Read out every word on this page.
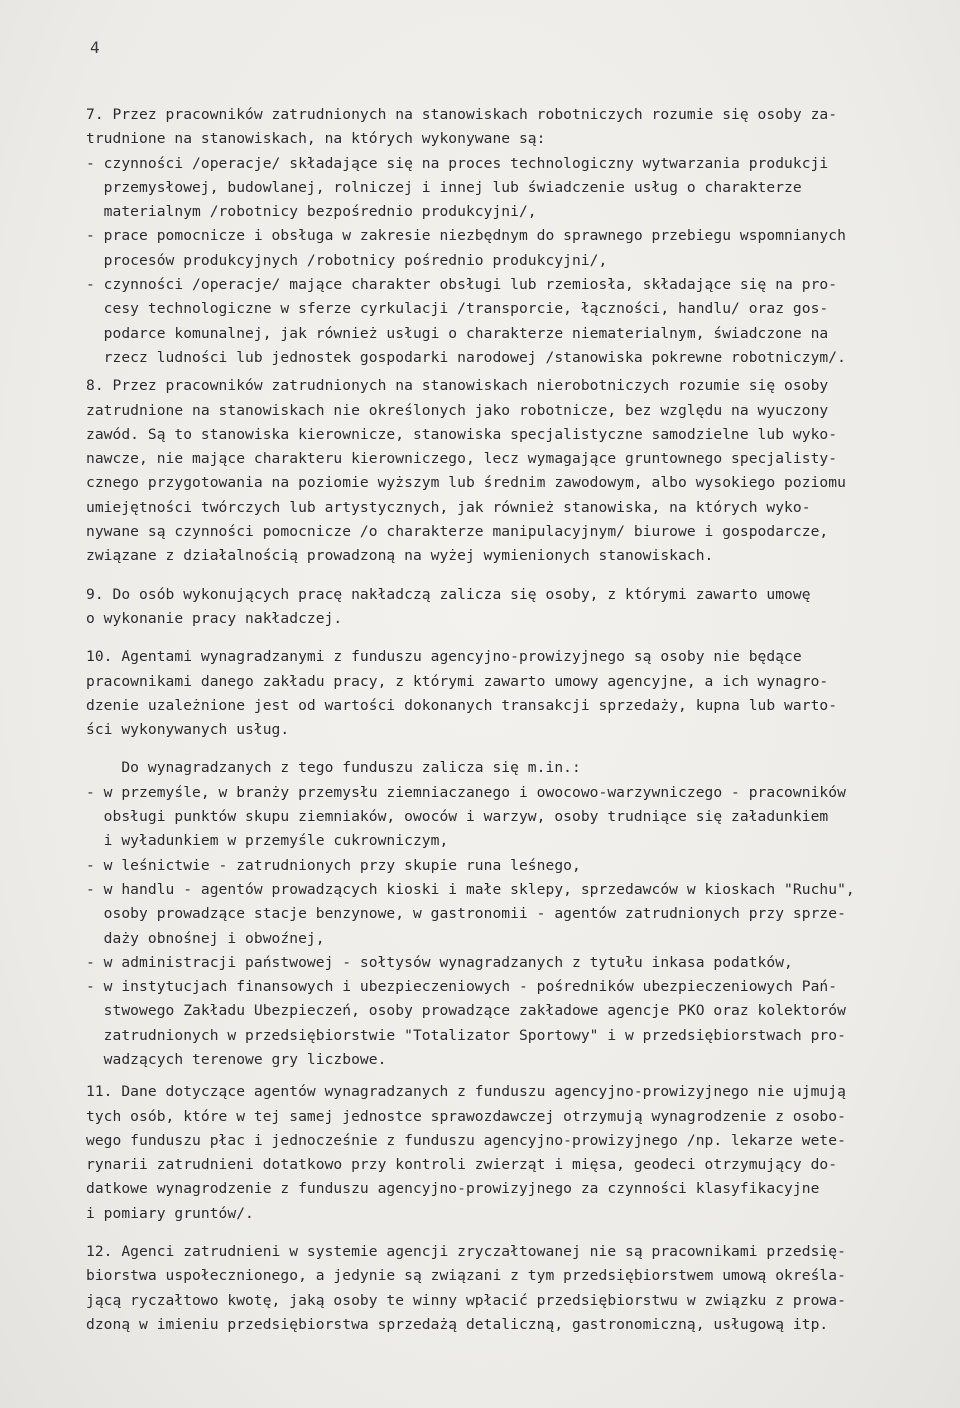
4
7. Przez pracowników zatrudnionych na stanowiskach robotniczych rozumie się osoby za-
trudnione na stanowiskach, na których wykonywane są:
- czynności /operacje/ składające się na proces technologiczny wytwarzania produkcji
przemysłowej, budowlanej, rolniczej i innej lub świadczenie usług o charakterze
materialnym /robotnicy bezpośrednio produkcyjni/,
- prace pomocnicze i obsługa w zakresie niezbędnym do sprawnego przebiegu wspomnianych
procesów produkcyjnych /robotnicy pośrednio produkcyjni/,
- czynności /operacje/ mające charakter obsługi lub rzemiosła, składające się na pro-
cesy technologiczne w sferze cyrkulacji /transporcie, łączności, handlu/ oraz gos-
podarce komunalnej, jak również usługi o charakterze niematerialnym, świadczone na
rzecz ludności lub jednostek gospodarki narodowej /stanowiska pokrewne robotniczym/.
8. Przez pracowników zatrudnionych na stanowiskach nierobotniczych rozumie się osoby
zatrudnione na stanowiskach nie określonych jako robotnicze, bez względu na wyuczony
zawód. Są to stanowiska kierownicze, stanowiska specjalistyczne samodzielne lub wyko-
nawcze, nie mające charakteru kierowniczego, lecz wymagające gruntownego specjalisty-
cznego przygotowania na poziomie wyższym lub średnim zawodowym, albo wysokiego poziomu
umiejętności twórczych lub artystycznych, jak również stanowiska, na których wyko-
nywane są czynności pomocnicze /o charakterze manipulacyjnym/ biurowe i gospodarcze,
związane z działalnością prowadzoną na wyżej wymienionych stanowiskach.
9. Do osób wykonujących pracę nakładczą zalicza się osoby, z którymi zawarto umowę
o wykonanie pracy nakładczej.
10. Agentami wynagradzanymi z funduszu agencyjno-prowizyjnego są osoby nie będące
pracownikami danego zakładu pracy, z którymi zawarto umowy agencyjne, a ich wynagro-
dzenie uzależnione jest od wartości dokonanych transakcji sprzedaży, kupna lub warto-
ści wykonywanych usług.
Do wynagradzanych z tego funduszu zalicza się m.in.:
- w przemyśle, w branży przemysłu ziemniaczanego i owocowo-warzywniczego - pracowników
obsługi punktów skupu ziemniaków, owoców i warzyw, osoby trudniące się załadunkiem
i wyładunkiem w przemyśle cukrowniczym,
- w leśnictwie - zatrudnionych przy skupie runa leśnego,
- w handlu - agentów prowadzących kioski i małe sklepy, sprzedawców w kioskach "Ruchu",
osoby prowadzące stacje benzynowe, w gastronomii - agentów zatrudnionych przy sprze-
daży obnośnej i obwoźnej,
- w administracji państwowej - sołtysów wynagradzanych z tytułu inkasa podatków,
- w instytucjach finansowych i ubezpieczeniowych - pośredników ubezpieczeniowych Pań-
stwowego Zakładu Ubezpieczeń, osoby prowadzące zakładowe agencje PKO oraz kolektorów
zatrudnionych w przedsiębiorstwie "Totalizator Sportowy" i w przedsiębiorstwach pro-
wadzących terenowe gry liczbowe.
11. Dane dotyczące agentów wynagradzanych z funduszu agencyjno-prowizyjnego nie ujmują
tych osób, które w tej samej jednostce sprawozdawczej otrzymują wynagrodzenie z osobo-
wego funduszu płac i jednocześnie z funduszu agencyjno-prowizyjnego /np. lekarze wete-
rynarii zatrudnieni dotatkowo przy kontroli zwierząt i mięsa, geodeci otrzymujący do-
datkowe wynagrodzenie z funduszu agencyjno-prowizyjnego za czynności klasyfikacyjne
i pomiary gruntów/.
12. Agenci zatrudnieni w systemie agencji zryczałtowanej nie są pracownikami przedsię-
biorstwa uspołecznionego, a jedynie są związani z tym przedsiębiorstwem umową określa-
jącą ryczałtowo kwotę, jaką osoby te winny wpłacić przedsiębiorstwu w związku z prowa-
dzoną w imieniu przedsiębiorstwa sprzedażą detaliczną, gastronomiczną, usługową itp.
